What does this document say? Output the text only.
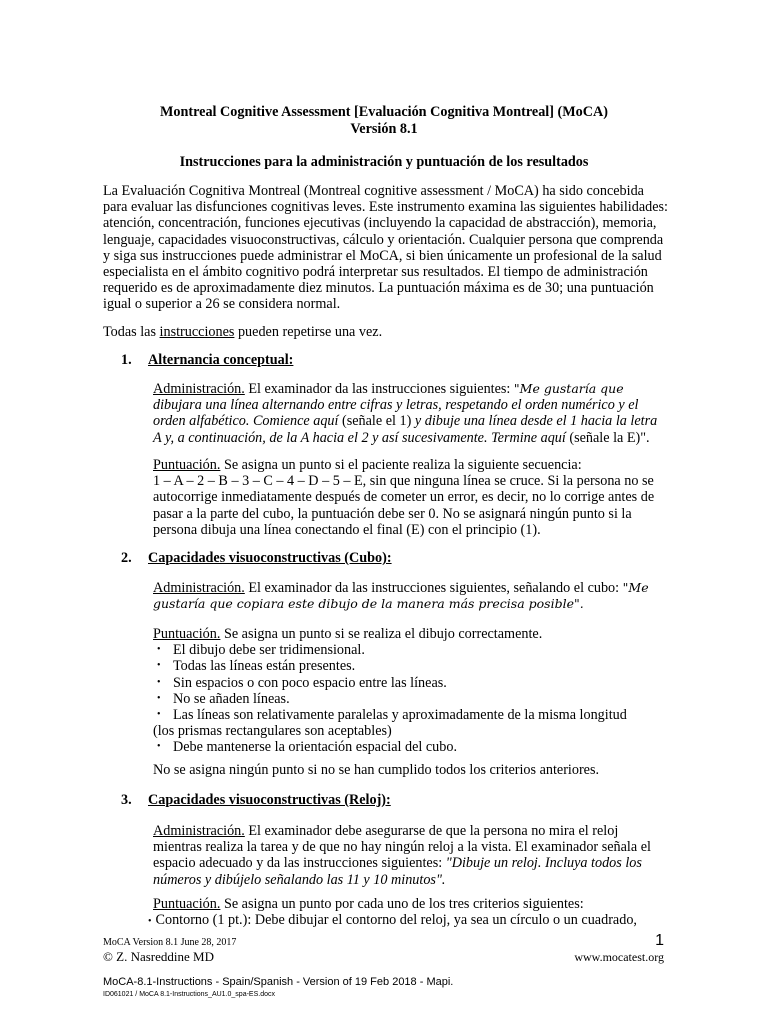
Montreal Cognitive Assessment [Evaluación Cognitiva Montreal] (MoCA)
Versión 8.1
Instrucciones para la administración y puntuación de los resultados
La Evaluación Cognitiva Montreal (Montreal cognitive assessment / MoCA) ha sido concebida
para evaluar las disfunciones cognitivas leves. Este instrumento examina las siguientes habilidades:
atención, concentración, funciones ejecutivas (incluyendo la capacidad de abstracción), memoria,
lenguaje, capacidades visuoconstructivas, cálculo y orientación. Cualquier persona que comprenda
y siga sus instrucciones puede administrar el MoCA, si bien únicamente un profesional de la salud
especialista en el ámbito cognitivo podrá interpretar sus resultados. El tiempo de administración
requerido es de aproximadamente diez minutos. La puntuación máxima es de 30; una puntuación
igual o superior a 26 se considera normal.
Todas las instrucciones pueden repetirse una vez.
1. Alternancia conceptual:
Administración. El examinador da las instrucciones siguientes: "Me gustaría que
dibujara una línea alternando entre cifras y letras, respetando el orden numérico y el
orden alfabético. Comience aquí (señale el 1) y dibuje una línea desde el 1 hacia la letra
A y, a continuación, de la A hacia el 2 y así sucesivamente. Termine aquí (señale la E)".
Puntuación. Se asigna un punto si el paciente realiza la siguiente secuencia:
1 – A – 2 – B – 3 – C – 4 – D – 5 – E, sin que ninguna línea se cruce. Si la persona no se
autocorrige inmediatamente después de cometer un error, es decir, no lo corrige antes de
pasar a la parte del cubo, la puntuación debe ser 0. No se asignará ningún punto si la
persona dibuja una línea conectando el final (E) con el principio (1).
2. Capacidades visuoconstructivas (Cubo):
Administración. El examinador da las instrucciones siguientes, señalando el cubo: "Me
gustaría que copiara este dibujo de la manera más precisa posible".
Puntuación. Se asigna un punto si se realiza el dibujo correctamente.
• El dibujo debe ser tridimensional.
• Todas las líneas están presentes.
• Sin espacios o con poco espacio entre las líneas.
• No se añaden líneas.
• Las líneas son relativamente paralelas y aproximadamente de la misma longitud
(los prismas rectangulares son aceptables)
• Debe mantenerse la orientación espacial del cubo.
No se asigna ningún punto si no se han cumplido todos los criterios anteriores.
3. Capacidades visuoconstructivas (Reloj):
Administración. El examinador debe asegurarse de que la persona no mira el reloj
mientras realiza la tarea y de que no hay ningún reloj a la vista. El examinador señala el
espacio adecuado y da las instrucciones siguientes: "Dibuje un reloj. Incluya todos los
números y dibújelo señalando las 11 y 10 minutos".
Puntuación. Se asigna un punto por cada uno de los tres criterios siguientes:
• Contorno (1 pt.): Debe dibujar el contorno del reloj, ya sea un círculo o un cuadrado,
MoCA Version 8.1 June 28, 2017
© Z. Nasreddine MD
1
www.mocatest.org
MoCA-8.1-Instructions - Spain/Spanish - Version of 19 Feb 2018 - Mapi.
ID061021 / MoCA 8.1-Instructions_AU1.0_spa-ES.docx
